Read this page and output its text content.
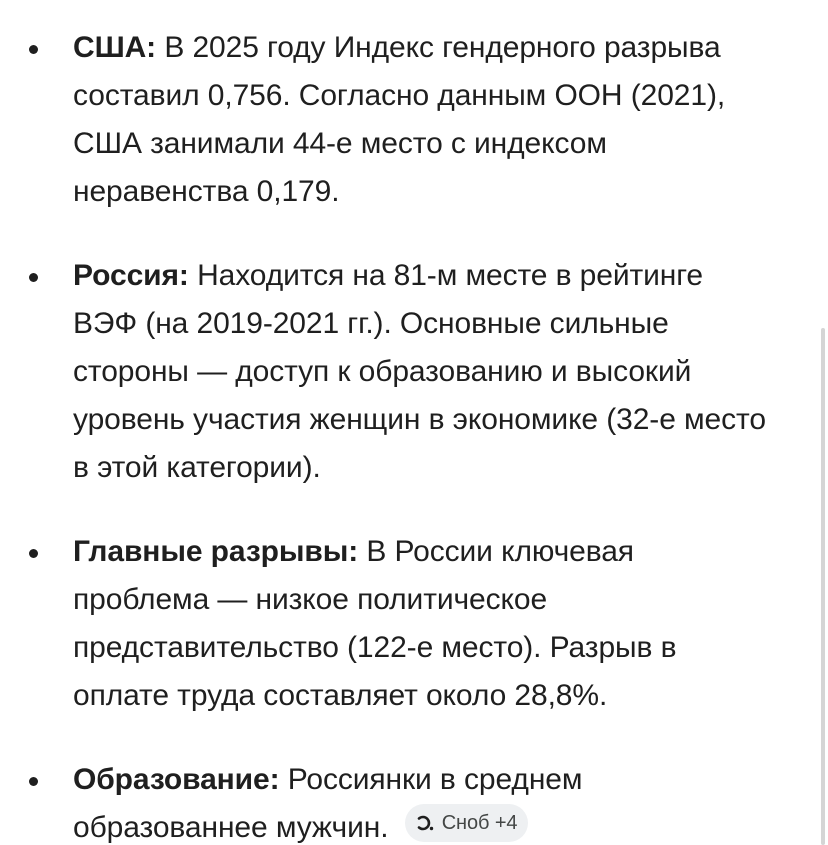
США: В 2025 году Индекс гендерного разрыва составил 0,756. Согласно данным ООН (2021), США занимали 44-е место с индексом неравенства 0,179.
Россия: Находится на 81-м месте в рейтинге ВЭФ (на 2019-2021 гг.). Основные сильные стороны — доступ к образованию и высокий уровень участия женщин в экономике (32-е место в этой категории).
Главные разрывы: В России ключевая проблема — низкое политическое представительство (122-е место). Разрыв в оплате труда составляет около 28,8%.
Образование: Россиянки в среднем образованнее мужчин.	Сноб +4
